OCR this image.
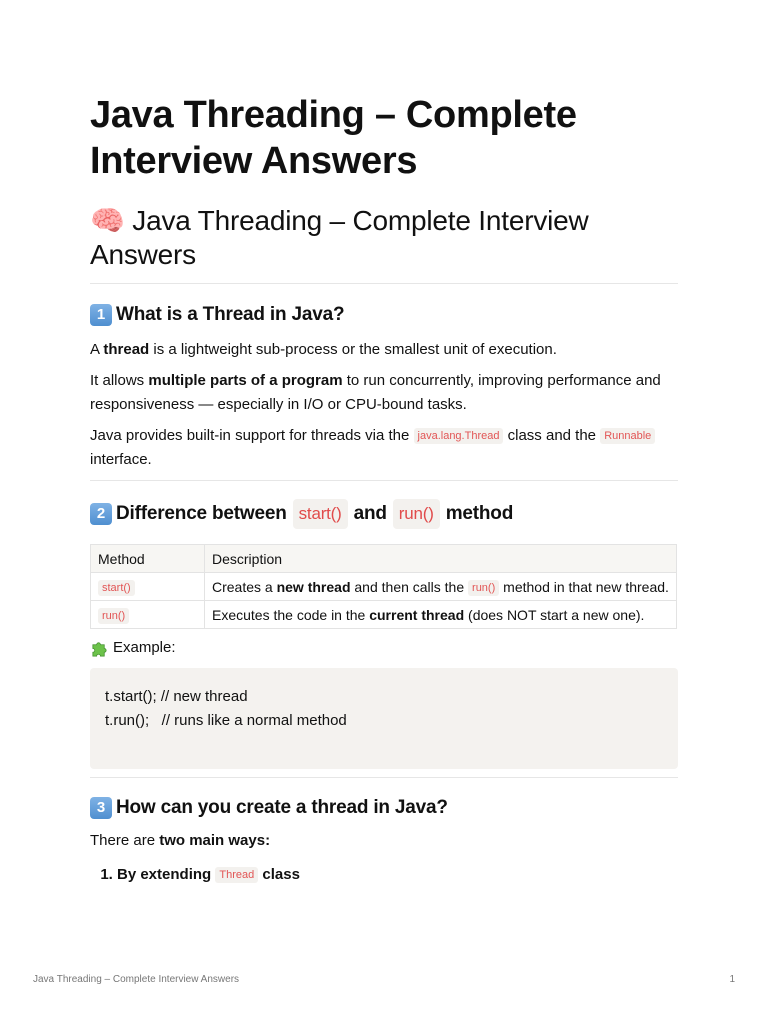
Java Threading – Complete Interview Answers
🧠 Java Threading – Complete Interview Answers
1 What is a Thread in Java?

A thread is a lightweight sub-process or the smallest unit of execution.

It allows multiple parts of a program to run concurrently, improving performance and responsiveness — especially in I/O or CPU-bound tasks.

Java provides built-in support for threads via the java.lang.Thread class and the Runnable interface.

2 Difference between start() and run() method
Method	Description
start()	Creates a new thread and then calls the run() method in that new thread.
run()	Executes the code in the current thread (does NOT start a new one).
Example:
t.start(); // new thread
t.run();   // runs like a normal method
3 How can you create a thread in Java?

There are two main ways:

1. By extending Thread class
Java Threading – Complete Interview Answers	1
